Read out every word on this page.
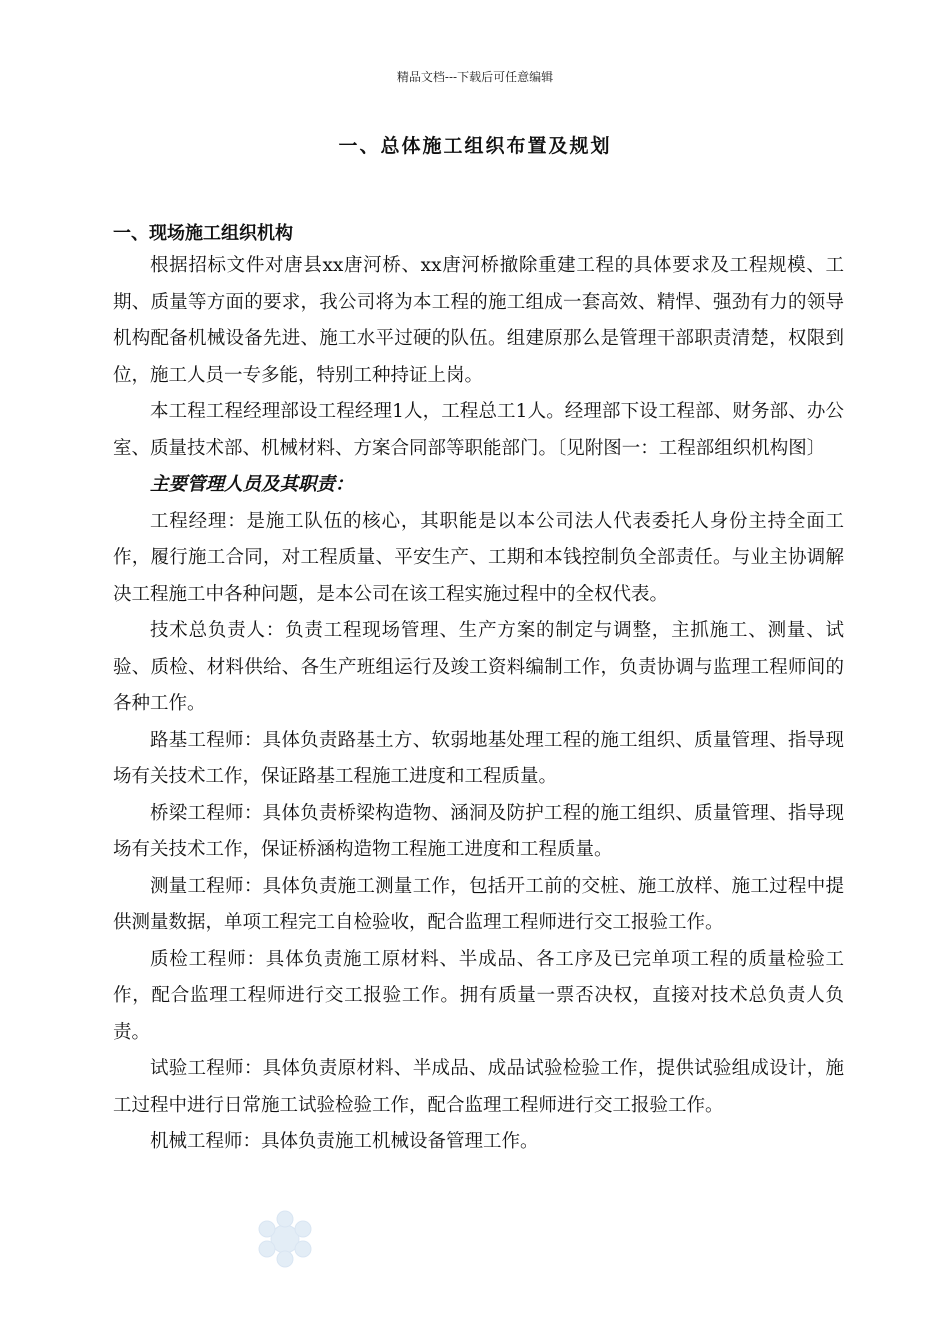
精品文档---下载后可任意编辑
一、总体施工组织布置及规划
一、现场施工组织机构

根据招标文件对唐县xx唐河桥、xx唐河桥撤除重建工程的具体要求及工程规模、工期、质量等方面的要求，我公司将为本工程的施工组成一套高效、精悍、强劲有力的领导机构配备机械设备先进、施工水平过硬的队伍。组建原那么是管理干部职责清楚，权限到位，施工人员一专多能，特别工种持证上岗。

本工程工程经理部设工程经理1人，工程总工1人。经理部下设工程部、财务部、办公室、质量技术部、机械材料、方案合同部等职能部门。〔见附图一：工程部组织机构图〕

主要管理人员及其职责：

工程经理：是施工队伍的核心，其职能是以本公司法人代表委托人身份主持全面工作，履行施工合同，对工程质量、平安生产、工期和本钱控制负全部责任。与业主协调解决工程施工中各种问题，是本公司在该工程实施过程中的全权代表。

技术总负责人：负责工程现场管理、生产方案的制定与调整，主抓施工、测量、试验、质检、材料供给、各生产班组运行及竣工资料编制工作，负责协调与监理工程师间的各种工作。

路基工程师：具体负责路基土方、软弱地基处理工程的施工组织、质量管理、指导现场有关技术工作，保证路基工程施工进度和工程质量。

桥梁工程师：具体负责桥梁构造物、涵洞及防护工程的施工组织、质量管理、指导现场有关技术工作，保证桥涵构造物工程施工进度和工程质量。

测量工程师：具体负责施工测量工作，包括开工前的交桩、施工放样、施工过程中提供测量数据，单项工程完工自检验收，配合监理工程师进行交工报验工作。

质检工程师：具体负责施工原材料、半成品、各工序及已完单项工程的质量检验工作，配合监理工程师进行交工报验工作。拥有质量一票否决权，直接对技术总负责人负责。

试验工程师：具体负责原材料、半成品、成品试验检验工作，提供试验组成设计，施工过程中进行日常施工试验检验工作，配合监理工程师进行交工报验工作。

机械工程师：具体负责施工机械设备管理工作。
